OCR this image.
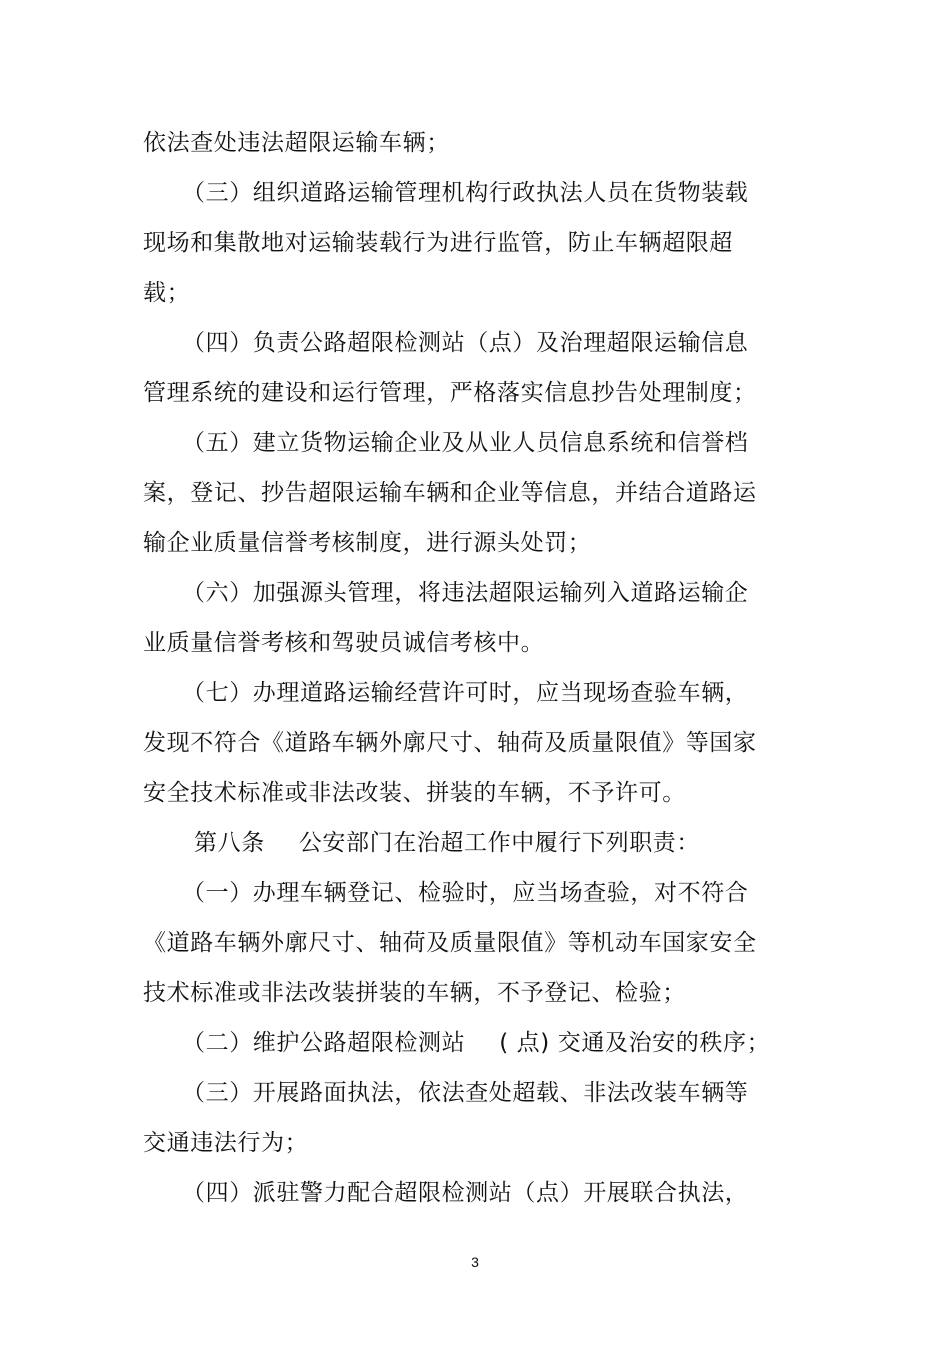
依法查处违法超限运输车辆；
（三）组织道路运输管理机构行政执法人员在货物装载
现场和集散地对运输装载行为进行监管，防止车辆超限超
载；
（四）负责公路超限检测站（点）及治理超限运输信息
管理系统的建设和运行管理，严格落实信息抄告处理制度；
（五）建立货物运输企业及从业人员信息系统和信誉档
案，登记、抄告超限运输车辆和企业等信息，并结合道路运
输企业质量信誉考核制度，进行源头处罚；
（六）加强源头管理，将违法超限运输列入道路运输企
业质量信誉考核和驾驶员诚信考核中。
（七）办理道路运输经营许可时，应当现场查验车辆，
发现不符合《道路车辆外廓尺寸、轴荷及质量限值》等国家
安全技术标准或非法改装、拼装的车辆，不予许可。
第八条 公安部门在治超工作中履行下列职责：
（一）办理车辆登记、检验时，应当场查验，对不符合
《道路车辆外廓尺寸、轴荷及质量限值》等机动车国家安全
技术标准或非法改装拼装的车辆，不予登记、检验；
（二）维护公路超限检测站 ( 点) 交通及治安的秩序；
（三）开展路面执法，依法查处超载、非法改装车辆等
交通违法行为；
（四）派驻警力配合超限检测站（点）开展联合执法，
3
